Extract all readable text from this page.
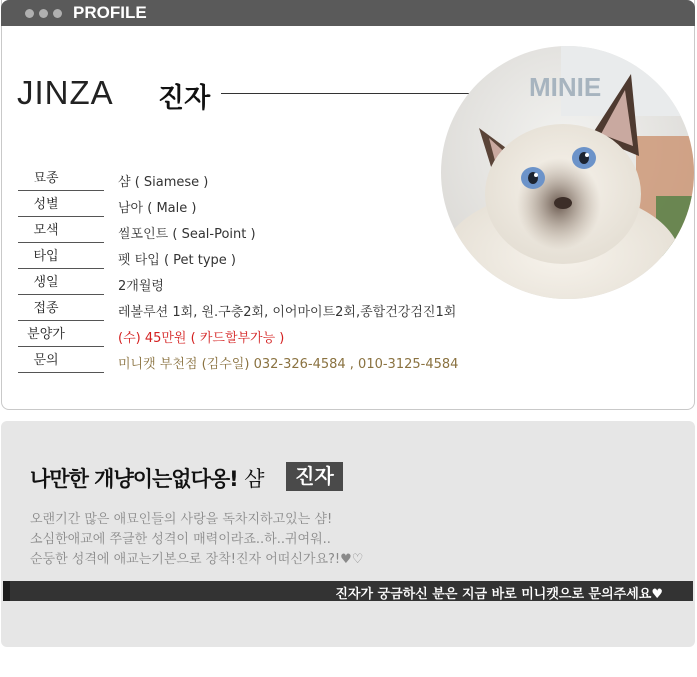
PROFILE
JINZA 진자	MINIE
묘종	샴 ( Siamese )
성별	남아 ( Male )
모색	씰포인트 ( Seal-Point )
타입	펫 타입 ( Pet type )
생일	2개월령
접종	레볼루션 1회, 원.구충2회, 이어마이트2회,종합건강검진1회
분양가	(수) 45만원 ( 카드할부가능 )
문의	미니캣 부천점 (김수일) 032-326-4584 , 010-3125-4584
나만한 개냥이는없다옹! 샴	진자
오랜기간 많은 애묘인들의 사랑을 독차지하고있는 샴!
소심한애교에 쭈글한 성격이 매력이라죠..하..귀여워..
순둥한 성격에 애교는기본으로 장착!진자 어떠신가요?!♥♡
진자가 궁금하신 분은 지금 바로 미니캣으로 문의주세요♥
